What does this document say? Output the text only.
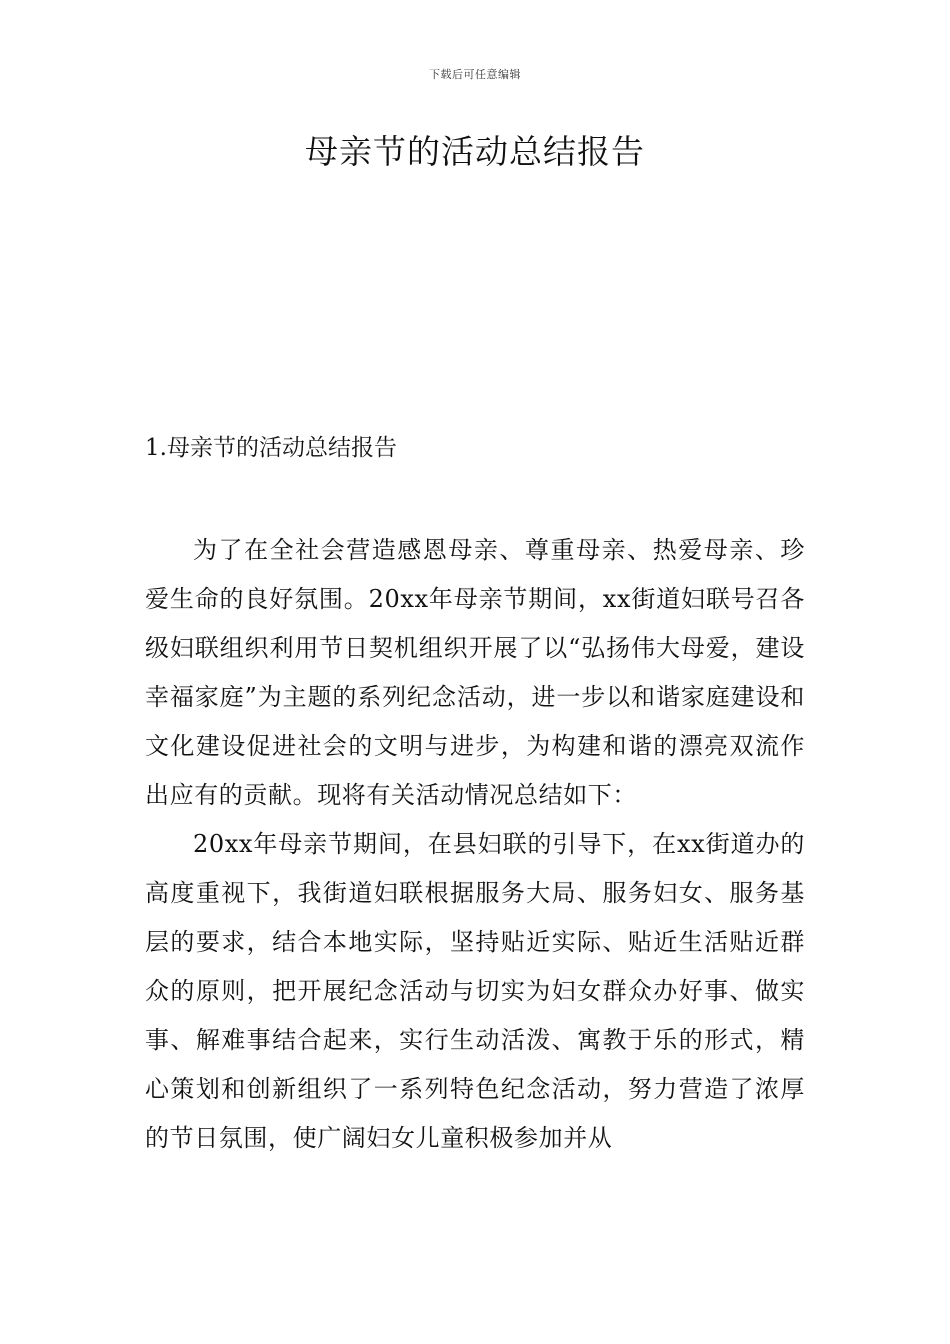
下载后可任意编辑
母亲节的活动总结报告
1.母亲节的活动总结报告

为了在全社会营造感恩母亲、尊重母亲、热爱母亲、珍爱生命的良好氛围。20xx年母亲节期间，xx街道妇联号召各级妇联组织利用节日契机组织开展了以“弘扬伟大母爱，建设幸福家庭”为主题的系列纪念活动，进一步以和谐家庭建设和文化建设促进社会的文明与进步，为构建和谐的漂亮双流作出应有的贡献。现将有关活动情况总结如下：

20xx年母亲节期间，在县妇联的引导下，在xx街道办的高度重视下，我街道妇联根据服务大局、服务妇女、服务基层的要求，结合本地实际，坚持贴近实际、贴近生活贴近群众的原则，把开展纪念活动与切实为妇女群众办好事、做实事、解难事结合起来，实行生动活泼、寓教于乐的形式，精心策划和创新组织了一系列特色纪念活动，努力营造了浓厚的节日氛围，使广阔妇女儿童积极参加并从
